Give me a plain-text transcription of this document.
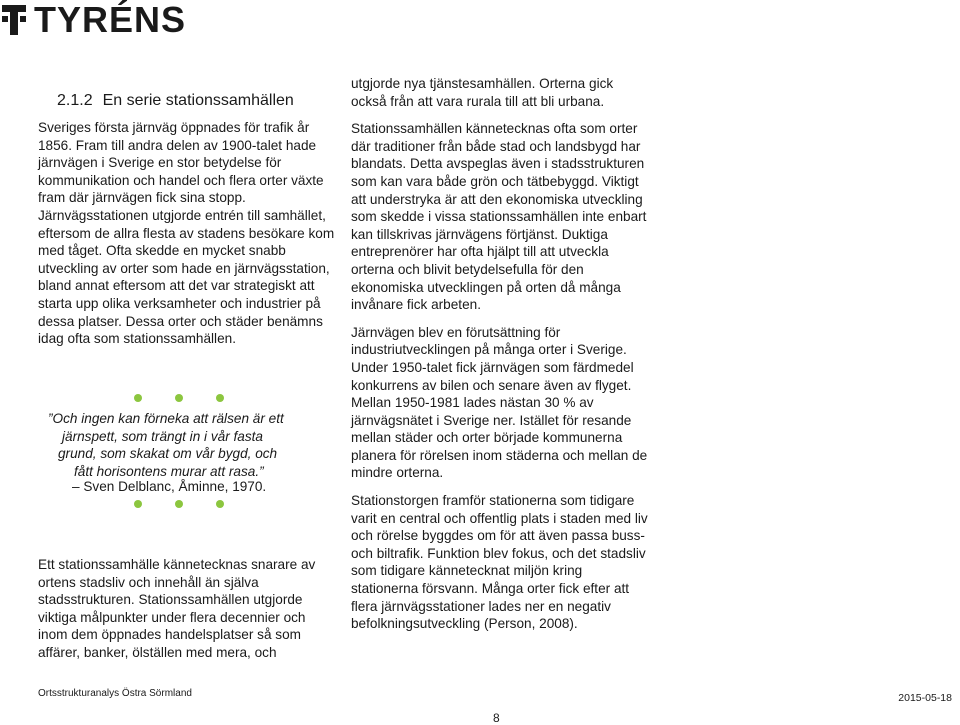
TYRÉNS
2.1.2 En serie stationssamhällen

Sveriges första järnväg öppnades för trafik år 1856. Fram till andra delen av 1900-talet hade järnvägen i Sverige en stor betydelse för kommunikation och handel och flera orter växte fram där järnvägen fick sina stopp. Järnvägsstationen utgjorde entrén till samhället, eftersom de allra flesta av stadens besökare kom med tåget. Ofta skedde en mycket snabb utveckling av orter som hade en järnvägsstation, bland annat eftersom att det var strategiskt att starta upp olika verksamheter och industrier på dessa platser. Dessa orter och städer benämns idag ofta som stationssamhällen.

”Och ingen kan förneka att rälsen är ett
järnspett, som trängt in i vår fasta
grund, som skakat om vår bygd, och
fått horisontens murar att rasa.”
– Sven Delblanc, Åminne, 1970.

Ett stationssamhälle kännetecknas snarare av ortens stadsliv och innehåll än själva stadsstrukturen. Stationssamhällen utgjorde viktiga målpunkter under flera decennier och inom dem öppnades handelsplatser så som affärer, banker, ölställen med mera, och

utgjorde nya tjänstesamhällen. Orterna gick också från att vara rurala till att bli urbana.

Stationssamhällen kännetecknas ofta som orter där traditioner från både stad och landsbygd har blandats. Detta avspeglas även i stadsstrukturen som kan vara både grön och tätbebyggd. Viktigt att understryka är att den ekonomiska utveckling som skedde i vissa stationssamhällen inte enbart kan tillskrivas järnvägens förtjänst. Duktiga entreprenörer har ofta hjälpt till att utveckla orterna och blivit betydelsefulla för den ekonomiska utvecklingen på orten då många invånare fick arbeten.

Järnvägen blev en förutsättning för industriutvecklingen på många orter i Sverige. Under 1950-talet fick järnvägen som färdmedel konkurrens av bilen och senare även av flyget. Mellan 1950-1981 lades nästan 30 % av järnvägsnätet i Sverige ner. Istället för resande mellan städer och orter började kommunerna planera för rörelsen inom städerna och mellan de mindre orterna.

Stationstorgen framför stationerna som tidigare varit en central och offentlig plats i staden med liv och rörelse byggdes om för att även passa buss- och biltrafik. Funktion blev fokus, och det stadsliv som tidigare kännetecknat miljön kring stationerna försvann. Många orter fick efter att flera järnvägsstationer lades ner en negativ befolkningsutveckling (Person, 2008).

Ortsstrukturanalys Östra Sörmland	2015-05-18
8
